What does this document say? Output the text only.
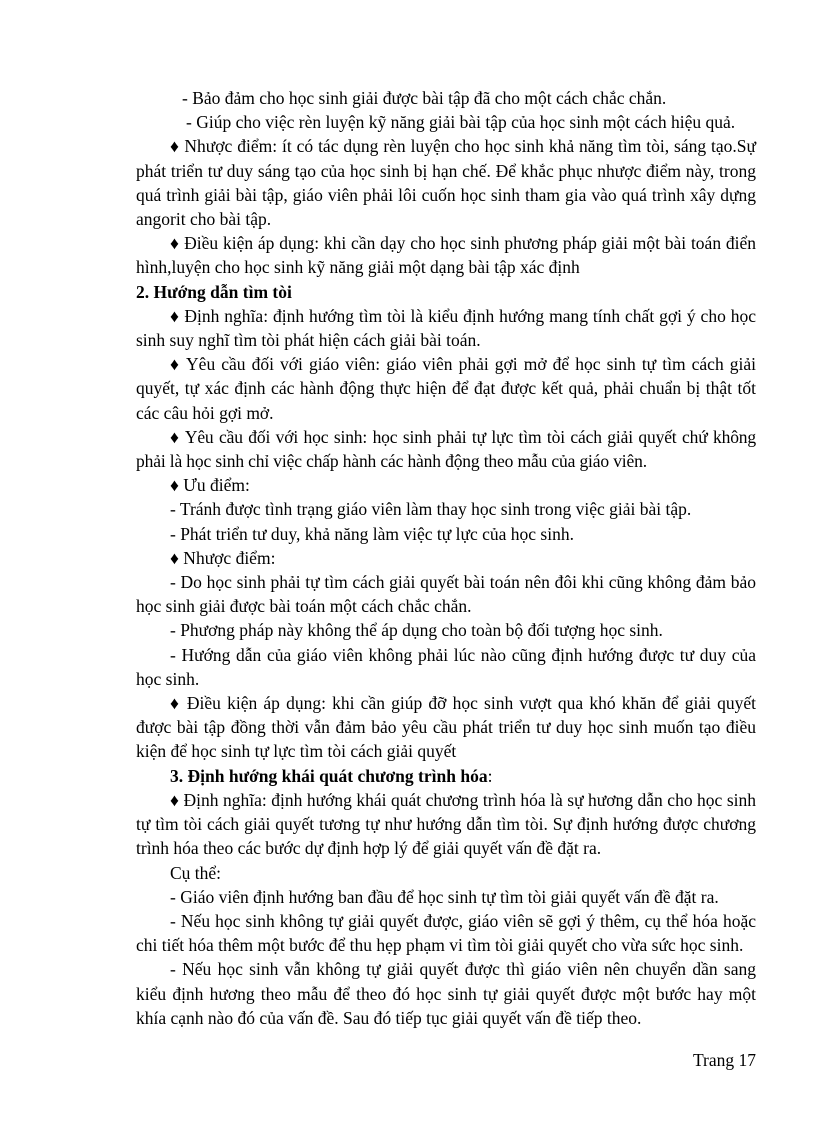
- Bảo đảm cho học sinh giải được bài tập đã cho một cách chắc chắn.

- Giúp cho việc rèn luyện kỹ năng giải bài tập của học sinh một cách hiệu quả.

♦ Nhược điểm: ít có tác dụng rèn luyện cho học sinh khả năng tìm tòi, sáng tạo.Sự phát triển tư duy sáng tạo của học sinh bị hạn chế. Để khắc phục nhược điểm này, trong quá trình giải bài tập, giáo viên phải lôi cuốn học sinh tham gia vào quá trình xây dựng angorit cho bài tập.

♦ Điều kiện áp dụng: khi cần dạy cho học sinh phương pháp giải một bài toán điển hình,luyện cho học sinh kỹ năng giải một dạng bài tập xác định

2. Hướng dẫn tìm tòi

♦ Định nghĩa: định hướng tìm tòi là kiểu định hướng mang tính chất gợi ý cho học sinh suy nghĩ tìm tòi phát hiện cách giải bài toán.

♦ Yêu cầu đối với giáo viên: giáo viên phải gợi mở để học sinh tự tìm cách giải quyết, tự xác định các hành động thực hiện để đạt được kết quả, phải chuẩn bị thật tốt các câu hỏi gợi mở.

♦ Yêu cầu đối với học sinh: học sinh phải tự lực tìm tòi cách giải quyết chứ không phải là học sinh chỉ việc chấp hành các hành động theo mẫu của giáo viên.

♦ Ưu điểm:

- Tránh được tình trạng giáo viên làm thay học sinh trong việc giải bài tập.

- Phát triển tư duy, khả năng làm việc tự lực của học sinh.

♦ Nhược điểm:

- Do học sinh phải tự tìm cách giải quyết bài toán nên đôi khi cũng không đảm bảo học sinh giải được bài toán một cách chắc chắn.

- Phương pháp này không thể áp dụng cho toàn bộ đối tượng học sinh.

- Hướng dẫn của giáo viên không phải lúc nào cũng định hướng được tư duy của học sinh.

♦ Điều kiện áp dụng: khi cần giúp đỡ học sinh vượt qua khó khăn để giải quyết được bài tập đồng thời vẫn đảm bảo yêu cầu phát triển tư duy học sinh muốn tạo điều kiện để học sinh tự lực tìm tòi cách giải quyết

3. Định hướng khái quát chương trình hóa:

♦ Định nghĩa: định hướng khái quát chương trình hóa là sự hương dẫn cho học sinh tự tìm tòi cách giải quyết tương tự như hướng dẫn tìm tòi. Sự định hướng được chương trình hóa theo các bước dự định hợp lý để giải quyết vấn đề đặt ra.

Cụ thể:

- Giáo viên định hướng ban đầu để học sinh tự tìm tòi giải quyết vấn đề đặt ra.

- Nếu học sinh không tự giải quyết được, giáo viên sẽ gợi ý thêm, cụ thể hóa hoặc chi tiết hóa thêm một bước để thu hẹp phạm vi tìm tòi giải quyết cho vừa sức học sinh.

- Nếu học sinh vẫn không tự giải quyết được thì giáo viên nên chuyển dần sang kiểu định hương theo mẫu để theo đó học sinh tự giải quyết được một bước hay một khía cạnh nào đó của vấn đề. Sau đó tiếp tục giải quyết vấn đề tiếp theo.

Trang 17
